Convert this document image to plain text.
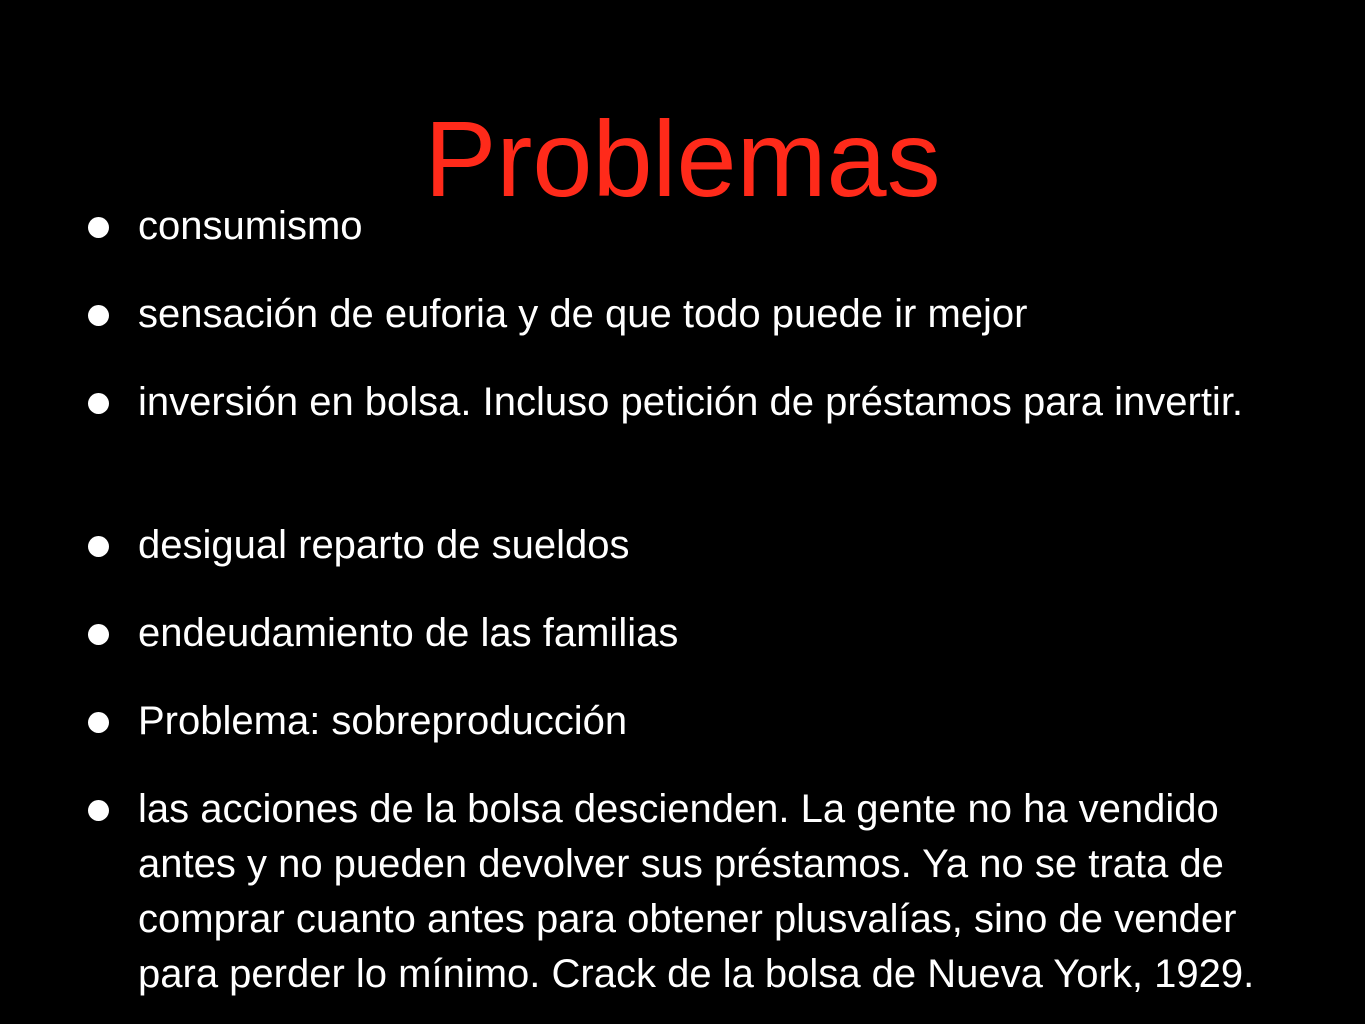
consumismo
sensación de euforia y de que todo puede ir mejor
inversión en bolsa. Incluso petición de préstamos para invertir.
desigual reparto de sueldos
endeudamiento de las familias
Problema: sobreproducción
las acciones de la bolsa descienden. La gente no ha vendido antes y no pueden devolver sus préstamos. Ya no se trata de comprar cuanto antes para obtener plusvalías, sino de vender para perder lo mínimo. Crack de la bolsa de Nueva York, 1929.
Problemas
